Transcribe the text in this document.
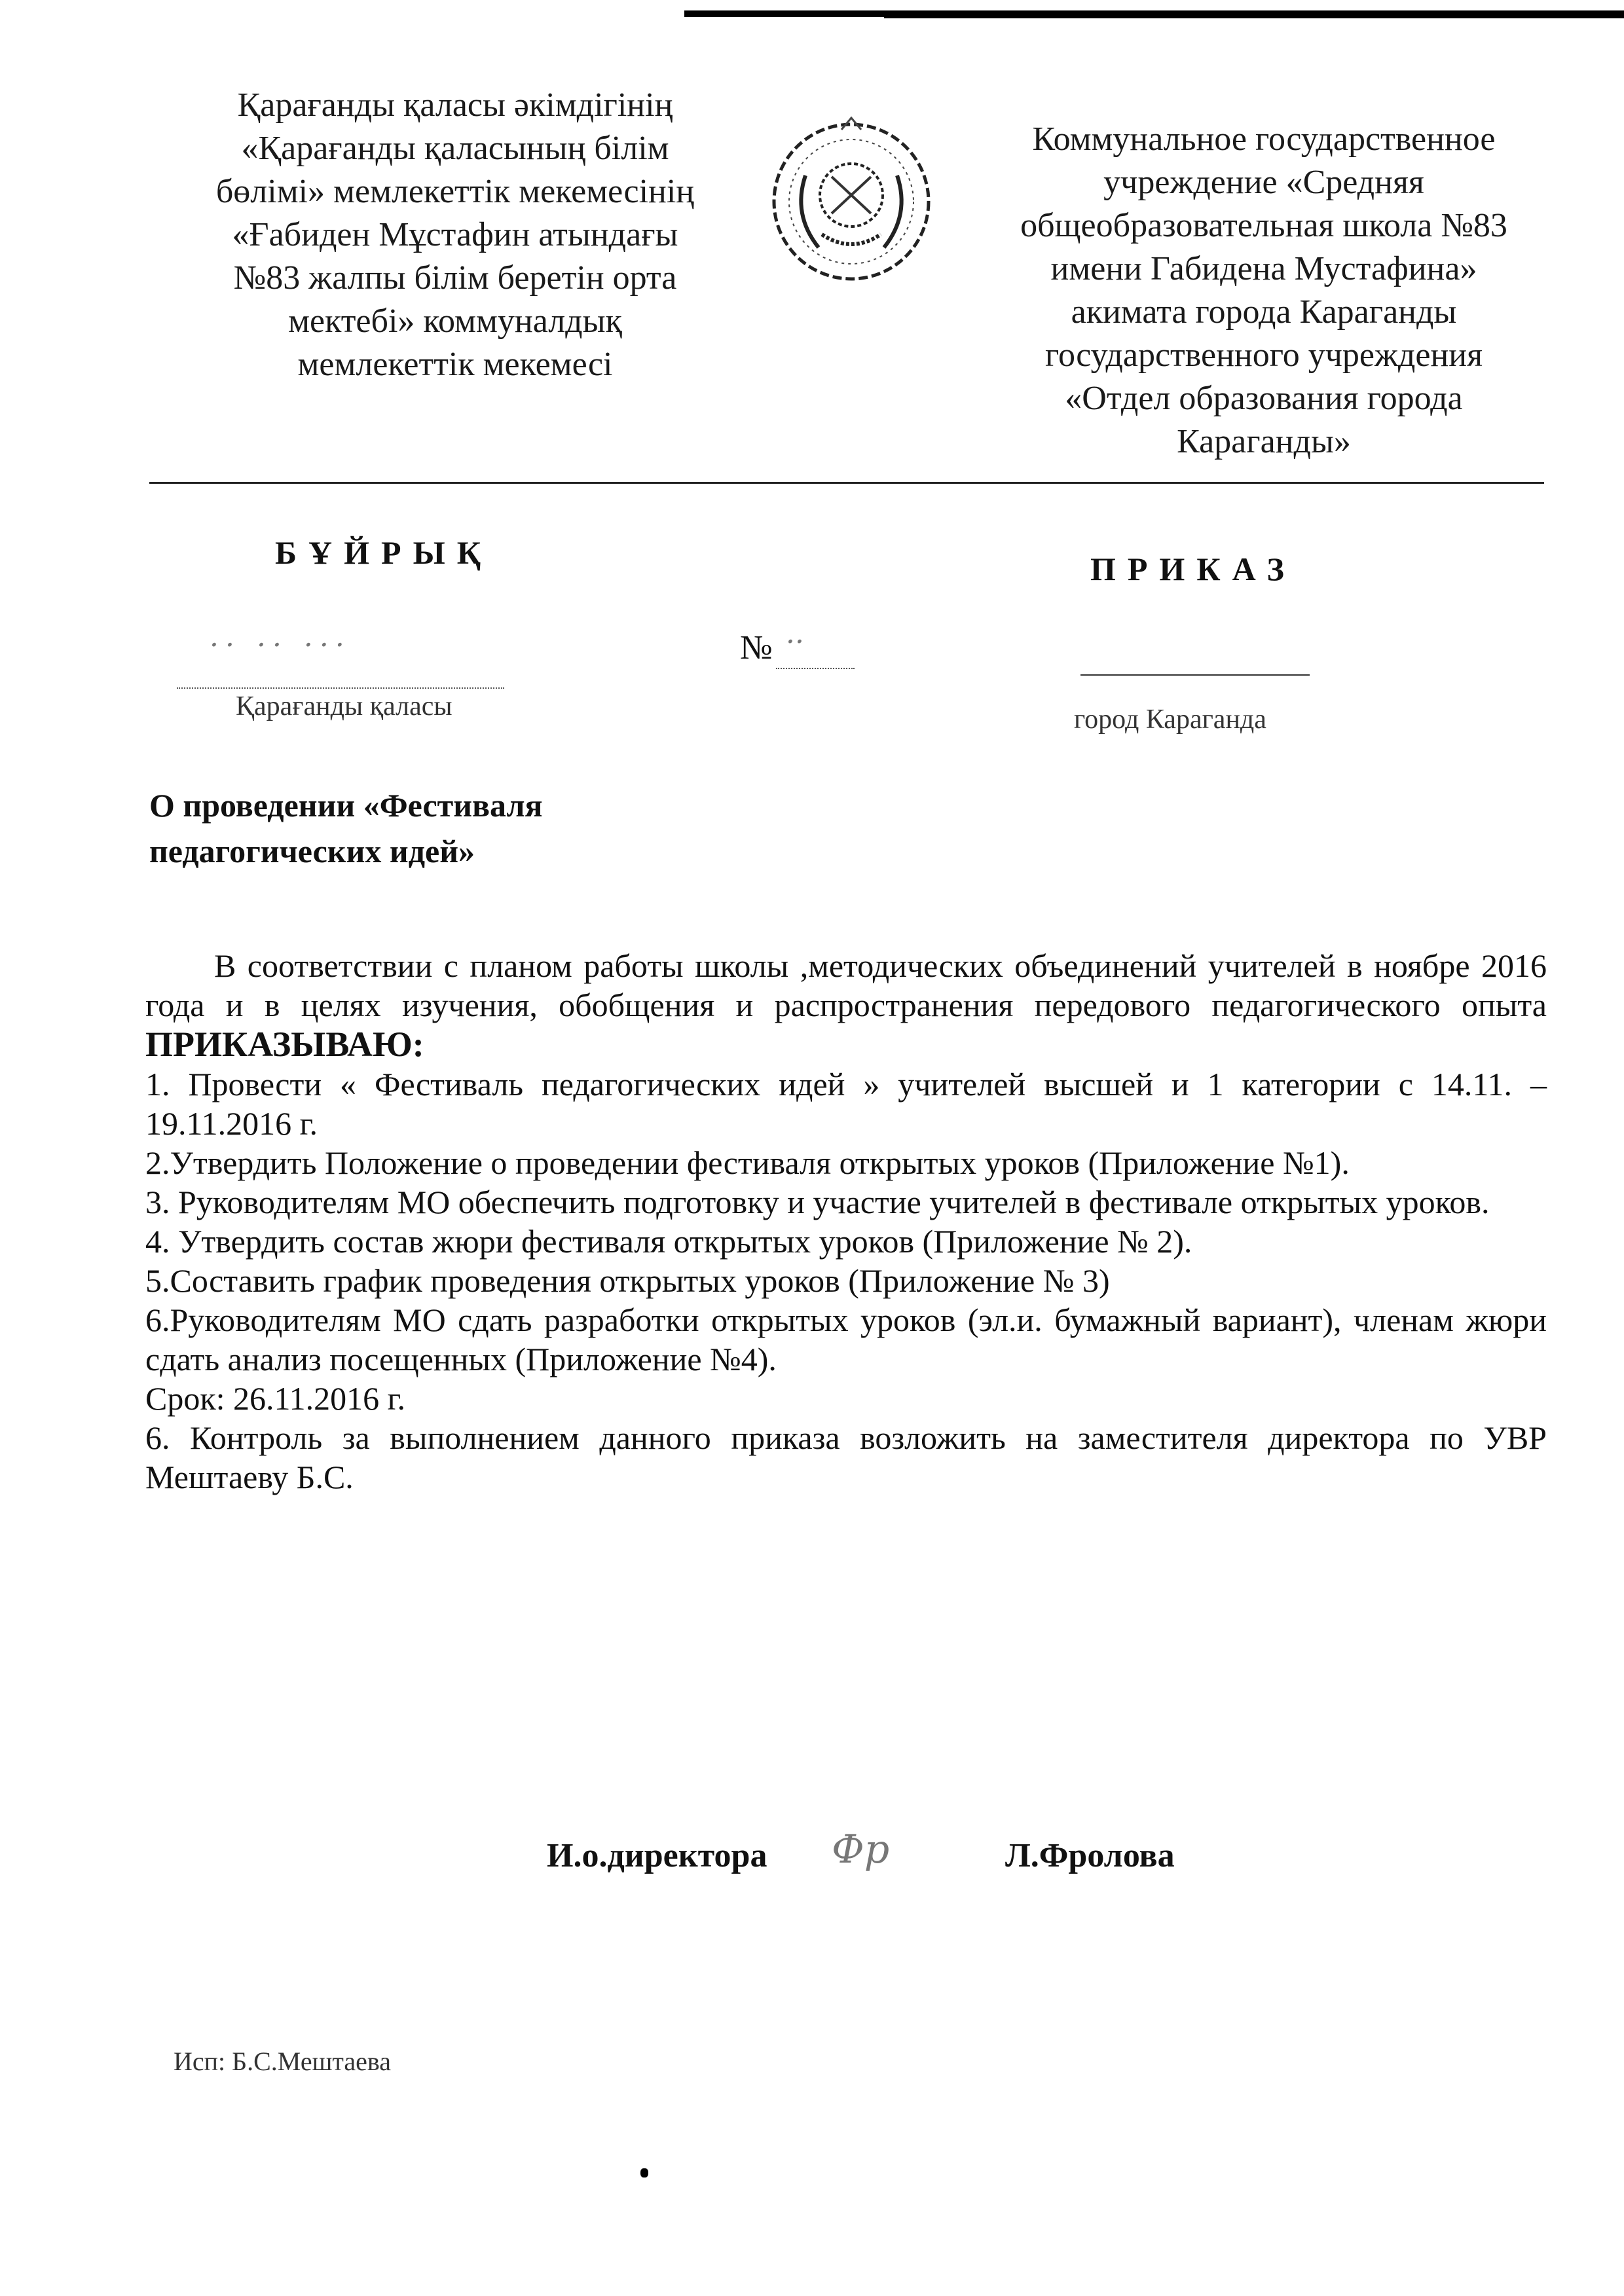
Қарағанды қаласы әкімдігінің
«Қарағанды қаласының білім
бөлімі» мемлекеттік мекемесінің
«Ғабиден Мұстафин атындағы
№83 жалпы білім беретін орта
мектебі» коммуналдық
мемлекеттік мекемесі
Коммунальное государственное
учреждение «Средняя
общеобразовательная школа №83
имени Габидена Мустафина»
акимата города Караганды
государственного учреждения
«Отдел образования города
Караганды»
БҰЙРЫҚ	ПРИКАЗ
·· ·· ···	№ ··
Қарағанды қаласы	город Караганда
О проведении «Фестиваля
педагогических идей»

В соответствии с планом работы школы ,методических объединений учителей в ноябре 2016 года и в целях изучения, обобщения и распространения передового педагогического опыта ПРИКАЗЫВАЮ:

1. Провести « Фестиваль педагогических идей » учителей высшей и 1 категории с 14.11. – 19.11.2016 г.

2.Утвердить Положение о проведении фестиваля открытых уроков (Приложение №1).

3. Руководителям МО обеспечить подготовку и участие учителей в фестивале открытых уроков.

4. Утвердить состав жюри фестиваля открытых уроков (Приложение № 2).

5.Составить график проведения открытых уроков (Приложение № 3)

6.Руководителям МО сдать разработки открытых уроков (эл.и. бумажный вариант), членам жюри сдать анализ посещенных (Приложение №4).

Срок: 26.11.2016 г.

6. Контроль за выполнением данного приказа возложить на заместителя директора по УВР Мештаеву Б.С.

И.о.директора Фр	Л.Фролова
Исп: Б.С.Мештаева
